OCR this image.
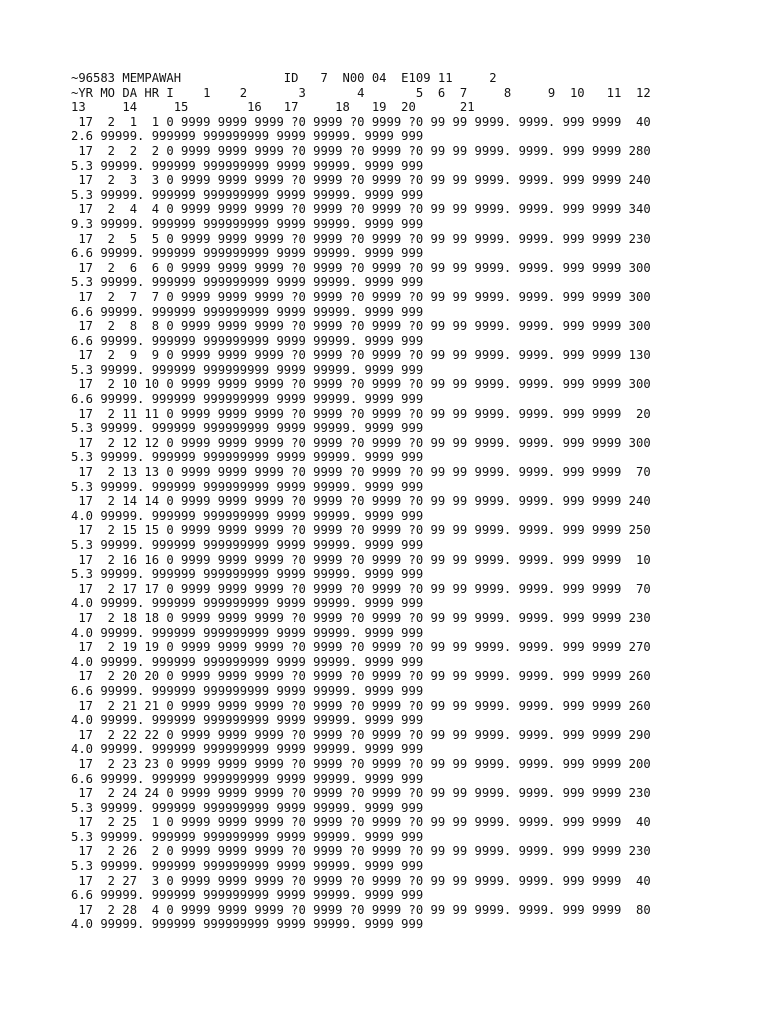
~96583 MEMPAWAH              ID   7  N00 04  E109 11     2
~YR MO DA HR I    1    2       3       4       5  6  7     8     9  10   11  12
13     14     15        16   17     18   19  20      21
17  2  1  1 0 9999 9999 9999 ?0 9999 ?0 9999 ?0 99 99 9999. 9999. 999 9999  40
2.6 99999. 999999 999999999 9999 99999. 9999 999
17  2  2  2 0 9999 9999 9999 ?0 9999 ?0 9999 ?0 99 99 9999. 9999. 999 9999 280
5.3 99999. 999999 999999999 9999 99999. 9999 999
17  2  3  3 0 9999 9999 9999 ?0 9999 ?0 9999 ?0 99 99 9999. 9999. 999 9999 240
5.3 99999. 999999 999999999 9999 99999. 9999 999
17  2  4  4 0 9999 9999 9999 ?0 9999 ?0 9999 ?0 99 99 9999. 9999. 999 9999 340
9.3 99999. 999999 999999999 9999 99999. 9999 999
17  2  5  5 0 9999 9999 9999 ?0 9999 ?0 9999 ?0 99 99 9999. 9999. 999 9999 230
6.6 99999. 999999 999999999 9999 99999. 9999 999
17  2  6  6 0 9999 9999 9999 ?0 9999 ?0 9999 ?0 99 99 9999. 9999. 999 9999 300
5.3 99999. 999999 999999999 9999 99999. 9999 999
17  2  7  7 0 9999 9999 9999 ?0 9999 ?0 9999 ?0 99 99 9999. 9999. 999 9999 300
6.6 99999. 999999 999999999 9999 99999. 9999 999
17  2  8  8 0 9999 9999 9999 ?0 9999 ?0 9999 ?0 99 99 9999. 9999. 999 9999 300
6.6 99999. 999999 999999999 9999 99999. 9999 999
17  2  9  9 0 9999 9999 9999 ?0 9999 ?0 9999 ?0 99 99 9999. 9999. 999 9999 130
5.3 99999. 999999 999999999 9999 99999. 9999 999
17  2 10 10 0 9999 9999 9999 ?0 9999 ?0 9999 ?0 99 99 9999. 9999. 999 9999 300
6.6 99999. 999999 999999999 9999 99999. 9999 999
17  2 11 11 0 9999 9999 9999 ?0 9999 ?0 9999 ?0 99 99 9999. 9999. 999 9999  20
5.3 99999. 999999 999999999 9999 99999. 9999 999
17  2 12 12 0 9999 9999 9999 ?0 9999 ?0 9999 ?0 99 99 9999. 9999. 999 9999 300
5.3 99999. 999999 999999999 9999 99999. 9999 999
17  2 13 13 0 9999 9999 9999 ?0 9999 ?0 9999 ?0 99 99 9999. 9999. 999 9999  70
5.3 99999. 999999 999999999 9999 99999. 9999 999
17  2 14 14 0 9999 9999 9999 ?0 9999 ?0 9999 ?0 99 99 9999. 9999. 999 9999 240
4.0 99999. 999999 999999999 9999 99999. 9999 999
17  2 15 15 0 9999 9999 9999 ?0 9999 ?0 9999 ?0 99 99 9999. 9999. 999 9999 250
5.3 99999. 999999 999999999 9999 99999. 9999 999
17  2 16 16 0 9999 9999 9999 ?0 9999 ?0 9999 ?0 99 99 9999. 9999. 999 9999  10
5.3 99999. 999999 999999999 9999 99999. 9999 999
17  2 17 17 0 9999 9999 9999 ?0 9999 ?0 9999 ?0 99 99 9999. 9999. 999 9999  70
4.0 99999. 999999 999999999 9999 99999. 9999 999
17  2 18 18 0 9999 9999 9999 ?0 9999 ?0 9999 ?0 99 99 9999. 9999. 999 9999 230
4.0 99999. 999999 999999999 9999 99999. 9999 999
17  2 19 19 0 9999 9999 9999 ?0 9999 ?0 9999 ?0 99 99 9999. 9999. 999 9999 270
4.0 99999. 999999 999999999 9999 99999. 9999 999
17  2 20 20 0 9999 9999 9999 ?0 9999 ?0 9999 ?0 99 99 9999. 9999. 999 9999 260
6.6 99999. 999999 999999999 9999 99999. 9999 999
17  2 21 21 0 9999 9999 9999 ?0 9999 ?0 9999 ?0 99 99 9999. 9999. 999 9999 260
4.0 99999. 999999 999999999 9999 99999. 9999 999
17  2 22 22 0 9999 9999 9999 ?0 9999 ?0 9999 ?0 99 99 9999. 9999. 999 9999 290
4.0 99999. 999999 999999999 9999 99999. 9999 999
17  2 23 23 0 9999 9999 9999 ?0 9999 ?0 9999 ?0 99 99 9999. 9999. 999 9999 200
6.6 99999. 999999 999999999 9999 99999. 9999 999
17  2 24 24 0 9999 9999 9999 ?0 9999 ?0 9999 ?0 99 99 9999. 9999. 999 9999 230
5.3 99999. 999999 999999999 9999 99999. 9999 999
17  2 25  1 0 9999 9999 9999 ?0 9999 ?0 9999 ?0 99 99 9999. 9999. 999 9999  40
5.3 99999. 999999 999999999 9999 99999. 9999 999
17  2 26  2 0 9999 9999 9999 ?0 9999 ?0 9999 ?0 99 99 9999. 9999. 999 9999 230
5.3 99999. 999999 999999999 9999 99999. 9999 999
17  2 27  3 0 9999 9999 9999 ?0 9999 ?0 9999 ?0 99 99 9999. 9999. 999 9999  40
6.6 99999. 999999 999999999 9999 99999. 9999 999
17  2 28  4 0 9999 9999 9999 ?0 9999 ?0 9999 ?0 99 99 9999. 9999. 999 9999  80
4.0 99999. 999999 999999999 9999 99999. 9999 999
